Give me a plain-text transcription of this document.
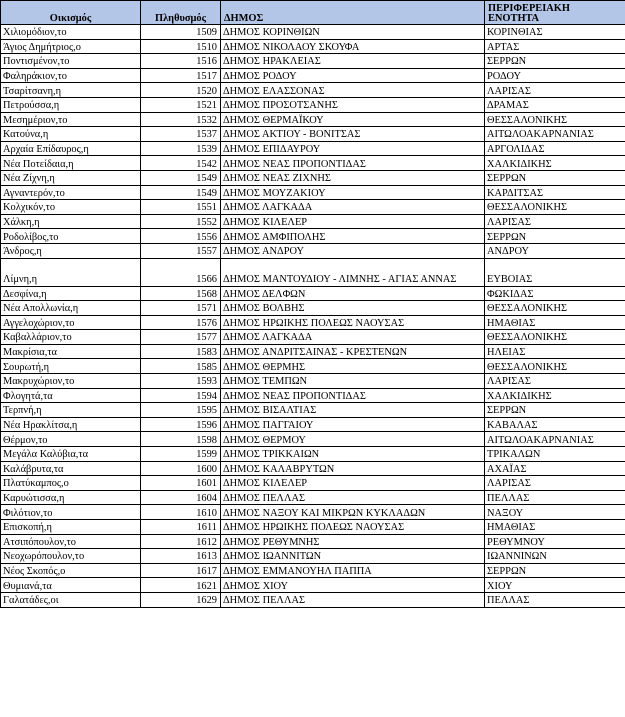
Οικισμός	Πληθυσμός	ΔΗΜΟΣ	ΠΕΡΙΦΕΡΕΙΑΚΗ ΕΝΟΤΗΤΑ
Χιλιομόδιον,το	1509	ΔΗΜΟΣ ΚΟΡΙΝΘΙΩΝ	ΚΟΡΙΝΘΙΑΣ
Άγιος Δημήτριος,ο	1510	ΔΗΜΟΣ ΝΙΚΟΛΑΟΥ ΣΚΟΥΦΑ	ΑΡΤΑΣ
Ποντισμένον,το	1516	ΔΗΜΟΣ ΗΡΑΚΛΕΙΑΣ	ΣΕΡΡΩΝ
Φαληράκιον,το	1517	ΔΗΜΟΣ ΡΟΔΟΥ	ΡΟΔΟΥ
Τσαρίτσανη,η	1520	ΔΗΜΟΣ ΕΛΑΣΣΟΝΑΣ	ΛΑΡΙΣΑΣ
Πετρούσσα,η	1521	ΔΗΜΟΣ ΠΡΟΣΟΤΣΑΝΗΣ	ΔΡΑΜΑΣ
Μεσημέριον,το	1532	ΔΗΜΟΣ ΘΕΡΜΑΪΚΟΥ	ΘΕΣΣΑΛΟΝΙΚΗΣ
Κατούνα,η	1537	ΔΗΜΟΣ ΑΚΤΙΟΥ - ΒΟΝΙΤΣΑΣ	ΑΙΤΩΛΟΑΚΑΡΝΑΝΙΑΣ
Αρχαία Επίδαυρος,η	1539	ΔΗΜΟΣ ΕΠΙΔΑΥΡΟΥ	ΑΡΓΟΛΙΔΑΣ
Νέα Ποτείδαια,η	1542	ΔΗΜΟΣ ΝΕΑΣ ΠΡΟΠΟΝΤΙΔΑΣ	ΧΑΛΚΙΔΙΚΗΣ
Νέα Ζίχνη,η	1549	ΔΗΜΟΣ ΝΕΑΣ ΖΙΧΝΗΣ	ΣΕΡΡΩΝ
Αγναντερόν,το	1549	ΔΗΜΟΣ ΜΟΥΖΑΚΙΟΥ	ΚΑΡΔΙΤΣΑΣ
Κολχικόν,το	1551	ΔΗΜΟΣ ΛΑΓΚΑΔΑ	ΘΕΣΣΑΛΟΝΙΚΗΣ
Χάλκη,η	1552	ΔΗΜΟΣ ΚΙΛΕΛΕΡ	ΛΑΡΙΣΑΣ
Ροδολίβος,το	1556	ΔΗΜΟΣ ΑΜΦΙΠΟΛΗΣ	ΣΕΡΡΩΝ
Άνδρος,η	1557	ΔΗΜΟΣ ΑΝΔΡΟΥ	ΑΝΔΡΟΥ
Λίμνη,η	1566	ΔΗΜΟΣ ΜΑΝΤΟΥΔΙΟΥ - ΛΙΜΝΗΣ - ΑΓΙΑΣ ΑΝΝΑΣ	ΕΥΒΟΙΑΣ
Δεσφίνα,η	1568	ΔΗΜΟΣ ΔΕΛΦΩΝ	ΦΩΚΙΔΑΣ
Νέα Απολλωνία,η	1571	ΔΗΜΟΣ ΒΟΛΒΗΣ	ΘΕΣΣΑΛΟΝΙΚΗΣ
Αγγελοχώριον,το	1576	ΔΗΜΟΣ ΗΡΩΙΚΗΣ ΠΟΛΕΩΣ ΝΑΟΥΣΑΣ	ΗΜΑΘΙΑΣ
Καβαλλάριον,το	1577	ΔΗΜΟΣ ΛΑΓΚΑΔΑ	ΘΕΣΣΑΛΟΝΙΚΗΣ
Μακρίσια,τα	1583	ΔΗΜΟΣ ΑΝΔΡΙΤΣΑΙΝΑΣ - ΚΡΕΣΤΕΝΩΝ	ΗΛΕΙΑΣ
Σουρωτή,η	1585	ΔΗΜΟΣ ΘΕΡΜΗΣ	ΘΕΣΣΑΛΟΝΙΚΗΣ
Μακρυχώριον,το	1593	ΔΗΜΟΣ ΤΕΜΠΩΝ	ΛΑΡΙΣΑΣ
Φλογητά,τα	1594	ΔΗΜΟΣ ΝΕΑΣ ΠΡΟΠΟΝΤΙΔΑΣ	ΧΑΛΚΙΔΙΚΗΣ
Τερπνή,η	1595	ΔΗΜΟΣ ΒΙΣΑΛΤΙΑΣ	ΣΕΡΡΩΝ
Νέα Ηρακλίτσα,η	1596	ΔΗΜΟΣ ΠΑΓΓΑΙΟΥ	ΚΑΒΑΛΑΣ
Θέρμον,το	1598	ΔΗΜΟΣ ΘΕΡΜΟΥ	ΑΙΤΩΛΟΑΚΑΡΝΑΝΙΑΣ
Μεγάλα Καλύβια,τα	1599	ΔΗΜΟΣ ΤΡΙΚΚΑΙΩΝ	ΤΡΙΚΑΛΩΝ
Καλάβρυτα,τα	1600	ΔΗΜΟΣ ΚΑΛΑΒΡΥΤΩΝ	ΑΧΑΪΑΣ
Πλατύκαμπος,ο	1601	ΔΗΜΟΣ ΚΙΛΕΛΕΡ	ΛΑΡΙΣΑΣ
Καρυώτισσα,η	1604	ΔΗΜΟΣ ΠΕΛΛΑΣ	ΠΕΛΛΑΣ
Φιλότιον,το	1610	ΔΗΜΟΣ ΝΑΞΟΥ ΚΑΙ ΜΙΚΡΩΝ ΚΥΚΛΑΔΩΝ	ΝΑΞΟΥ
Επισκοπή,η	1611	ΔΗΜΟΣ ΗΡΩΙΚΗΣ ΠΟΛΕΩΣ ΝΑΟΥΣΑΣ	ΗΜΑΘΙΑΣ
Ατσιπόπουλον,το	1612	ΔΗΜΟΣ ΡΕΘΥΜΝΗΣ	ΡΕΘΥΜΝΟΥ
Νεοχωρόπουλον,το	1613	ΔΗΜΟΣ ΙΩΑΝΝΙΤΩΝ	ΙΩΑΝΝΙΝΩΝ
Νέος Σκοπός,ο	1617	ΔΗΜΟΣ ΕΜΜΑΝΟΥΗΛ ΠΑΠΠΑ	ΣΕΡΡΩΝ
Θυμιανά,τα	1621	ΔΗΜΟΣ ΧΙΟΥ	ΧΙΟΥ
Γαλατάδες,οι	1629	ΔΗΜΟΣ ΠΕΛΛΑΣ	ΠΕΛΛΑΣ
